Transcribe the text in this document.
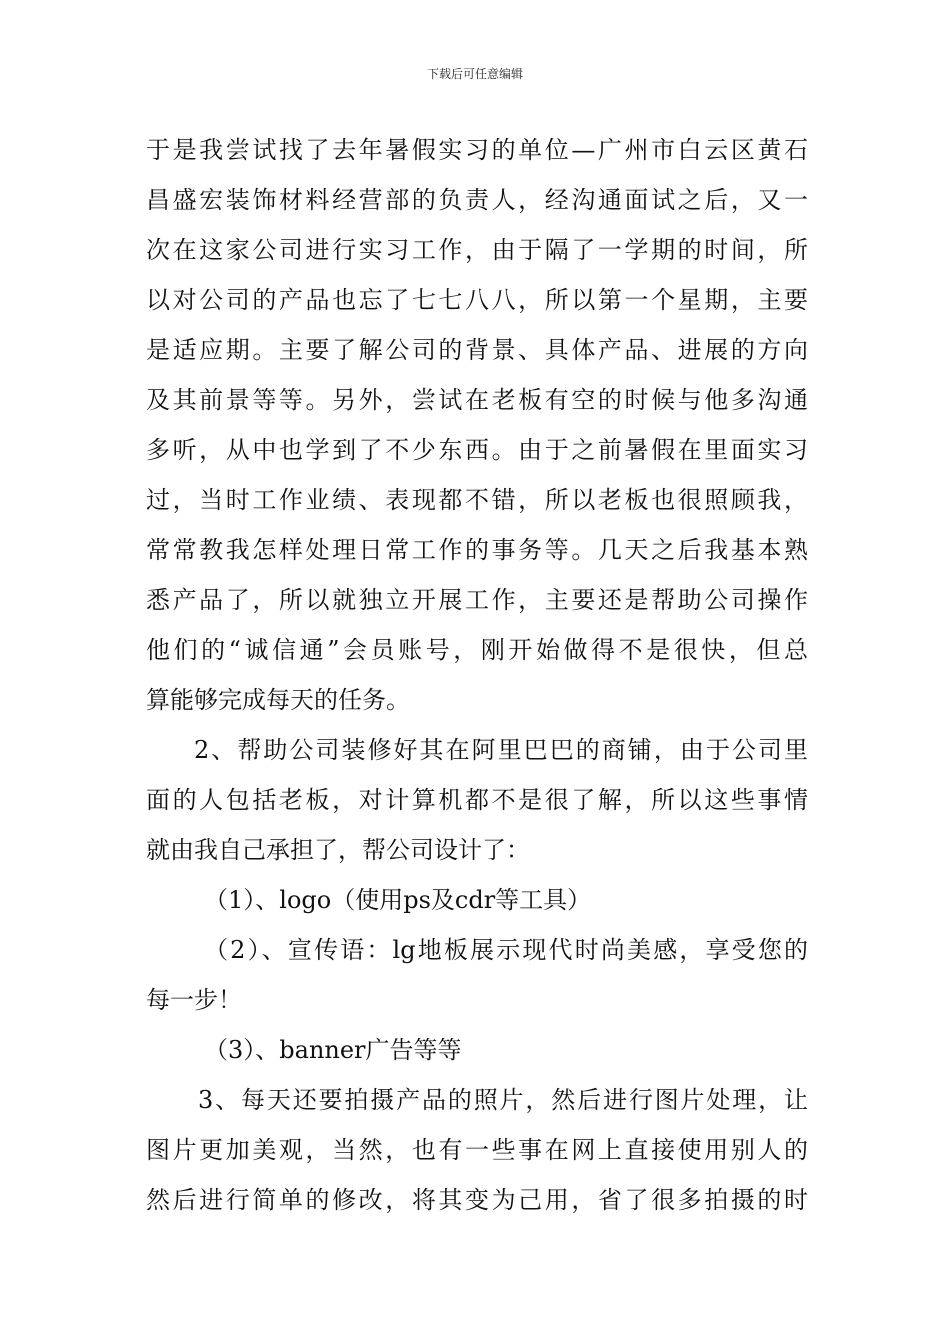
下载后可任意编辑
于是我尝试找了去年暑假实习的单位—广州市白云区黄石
昌盛宏装饰材料经营部的负责人，经沟通面试之后，又一
次在这家公司进行实习工作，由于隔了一学期的时间，所
以对公司的产品也忘了七七八八，所以第一个星期，主要
是适应期。主要了解公司的背景、具体产品、进展的方向
及其前景等等。另外，尝试在老板有空的时候与他多沟通
多听，从中也学到了不少东西。由于之前暑假在里面实习
过，当时工作业绩、表现都不错，所以老板也很照顾我，
常常教我怎样处理日常工作的事务等。几天之后我基本熟
悉产品了，所以就独立开展工作，主要还是帮助公司操作
他们的“诚信通”会员账号，刚开始做得不是很快，但总
算能够完成每天的任务。
2、帮助公司装修好其在阿里巴巴的商铺，由于公司里
面的人包括老板，对计算机都不是很了解，所以这些事情
就由我自己承担了，帮公司设计了：
（1）、logo（使用ps及cdr等工具）
（2）、宣传语：lg地板展示现代时尚美感，享受您的
每一步！
（3）、banner广告等等
3、每天还要拍摄产品的照片，然后进行图片处理，让
图片更加美观，当然，也有一些事在网上直接使用别人的
然后进行简单的修改，将其变为己用，省了很多拍摄的时
